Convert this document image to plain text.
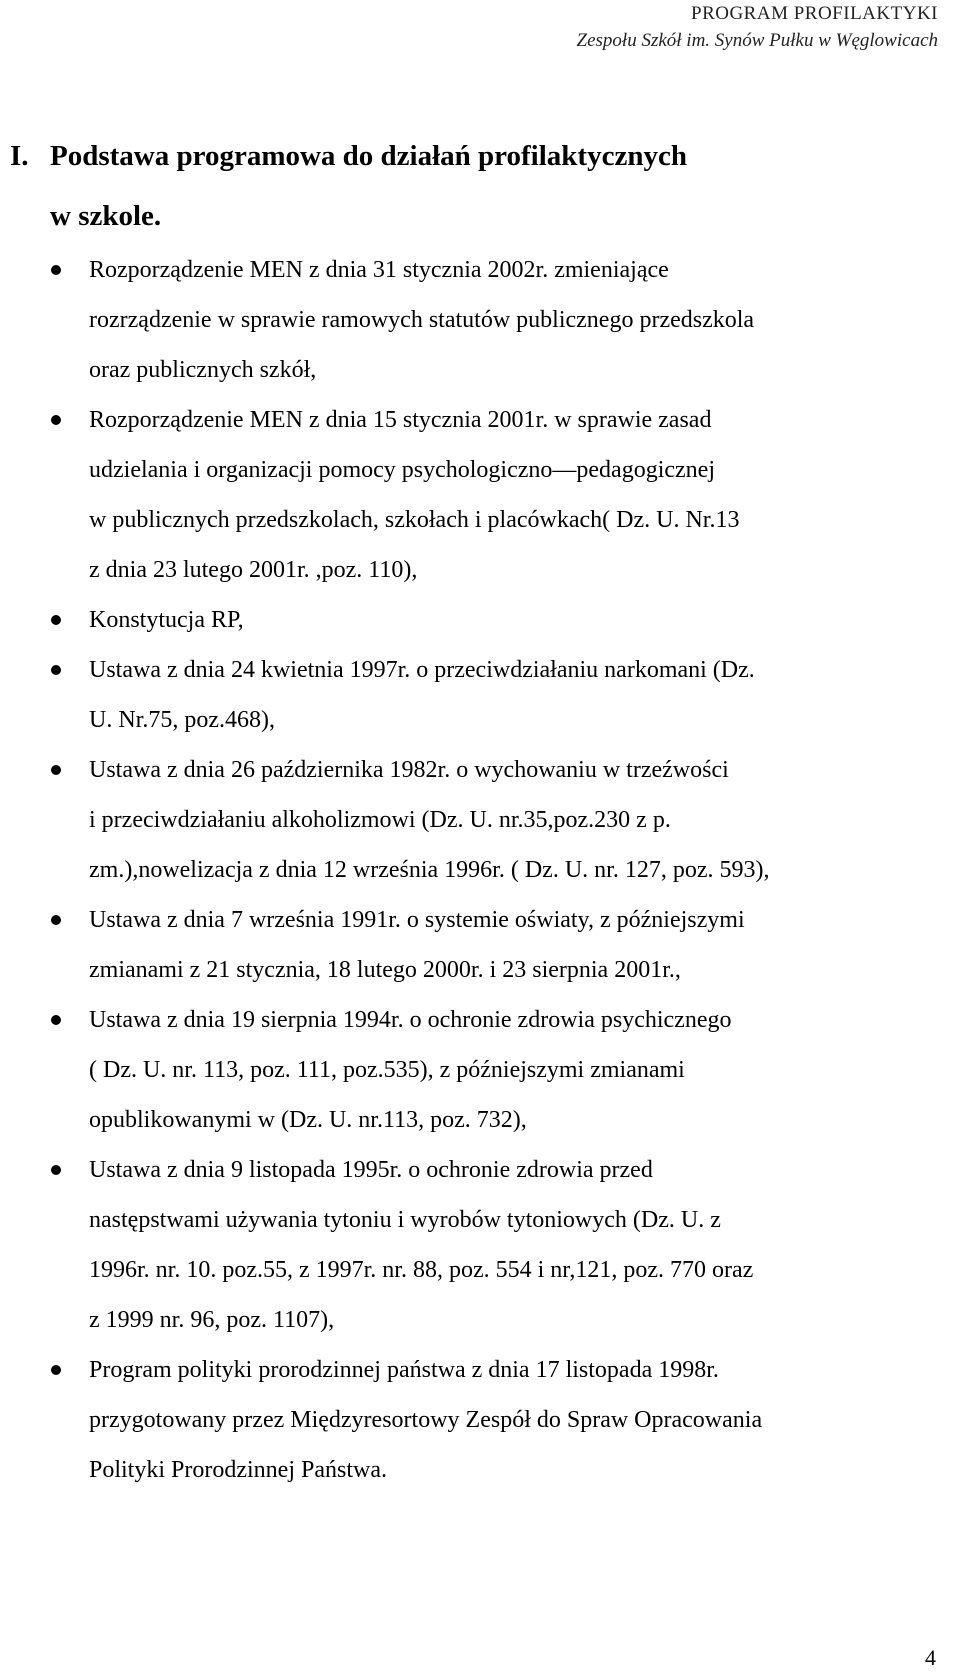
PROGRAM PROFILAKTYKI
Zespołu Szkół im. Synów Pułku w Węglowicach
I. Podstawa programowa do działań profilaktycznych
w szkole.
Rozporządzenie MEN z dnia 31 stycznia 2002r. zmieniające
rozrządzenie w sprawie ramowych statutów publicznego przedszkola
oraz publicznych szkół,
Rozporządzenie MEN z dnia 15 stycznia 2001r. w sprawie zasad
udzielania i organizacji pomocy psychologiczno—pedagogicznej
w publicznych przedszkolach, szkołach i placówkach( Dz. U. Nr.13
z dnia 23 lutego 2001r. ,poz. 110),
Konstytucja RP,
Ustawa z dnia 24 kwietnia 1997r. o przeciwdziałaniu narkomani (Dz.
U. Nr.75, poz.468),
Ustawa z dnia 26 października 1982r. o wychowaniu w trzeźwości
i przeciwdziałaniu alkoholizmowi (Dz. U. nr.35,poz.230 z p.
zm.),nowelizacja z dnia 12 września 1996r. ( Dz. U. nr. 127, poz. 593),
Ustawa z dnia 7 września 1991r. o systemie oświaty, z późniejszymi
zmianami z 21 stycznia, 18 lutego 2000r. i 23 sierpnia 2001r.,
Ustawa z dnia 19 sierpnia 1994r. o ochronie zdrowia psychicznego
( Dz. U. nr. 113, poz. 111, poz.535), z późniejszymi zmianami
opublikowanymi w (Dz. U. nr.113, poz. 732),
Ustawa z dnia 9 listopada 1995r. o ochronie zdrowia przed
następstwami używania tytoniu i wyrobów tytoniowych (Dz. U. z
1996r. nr. 10. poz.55, z 1997r. nr. 88, poz. 554 i nr,121, poz. 770 oraz
z 1999 nr. 96, poz. 1107),
Program polityki prorodzinnej państwa z dnia 17 listopada 1998r.
przygotowany przez Międzyresortowy Zespół do Spraw Opracowania
Polityki Prorodzinnej Państwa.
4
